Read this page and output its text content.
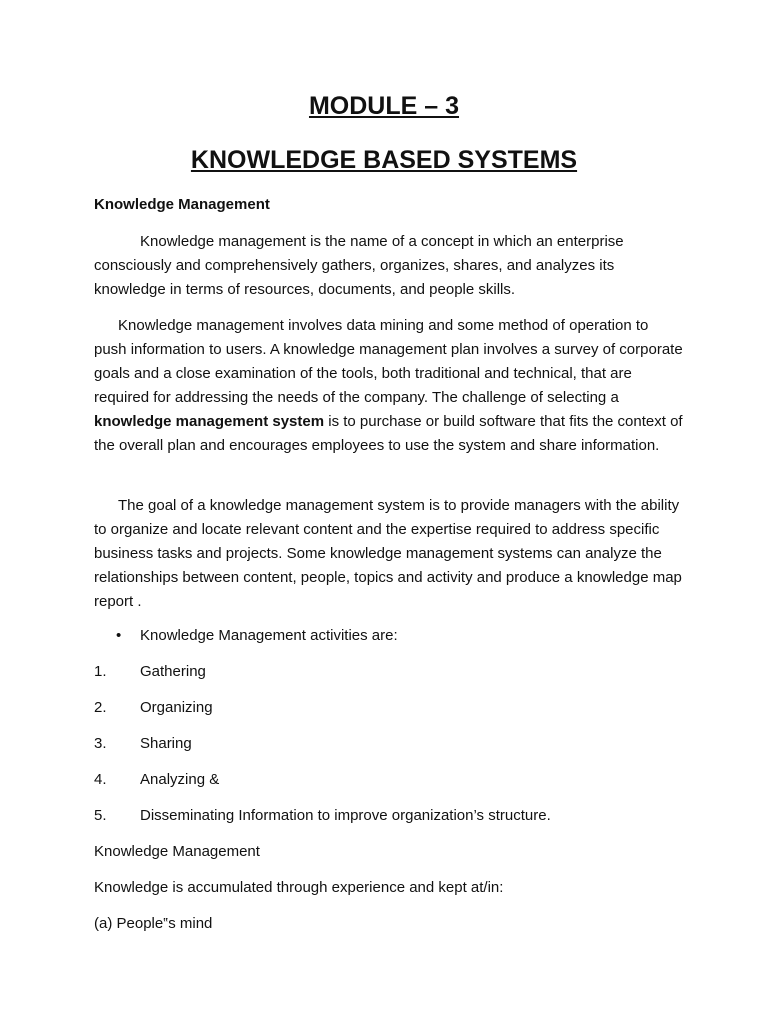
MODULE – 3
KNOWLEDGE BASED SYSTEMS

Knowledge Management

Knowledge management is the name of a concept in which an enterprise consciously and comprehensively gathers, organizes, shares, and analyzes its knowledge in terms of resources, documents, and people skills.

Knowledge management involves data mining and some method of operation to push information to users. A knowledge management plan involves a survey of corporate goals and a close examination of the tools, both traditional and technical, that are required for addressing the needs of the company. The challenge of selecting a knowledge management system is to purchase or build software that fits the context of the overall plan and encourages employees to use the system and share information.

The goal of a knowledge management system is to provide managers with the ability to organize and locate relevant content and the expertise required to address specific business tasks and projects. Some knowledge management systems can analyze the relationships between content, people, topics and activity and produce a knowledge map report .

• Knowledge Management activities are:
1. Gathering
2. Organizing
3. Sharing
4. Analyzing &
5. Disseminating Information to improve organization’s structure.

Knowledge Management

Knowledge is accumulated through experience and kept at/in:

(a) People‟s mind
